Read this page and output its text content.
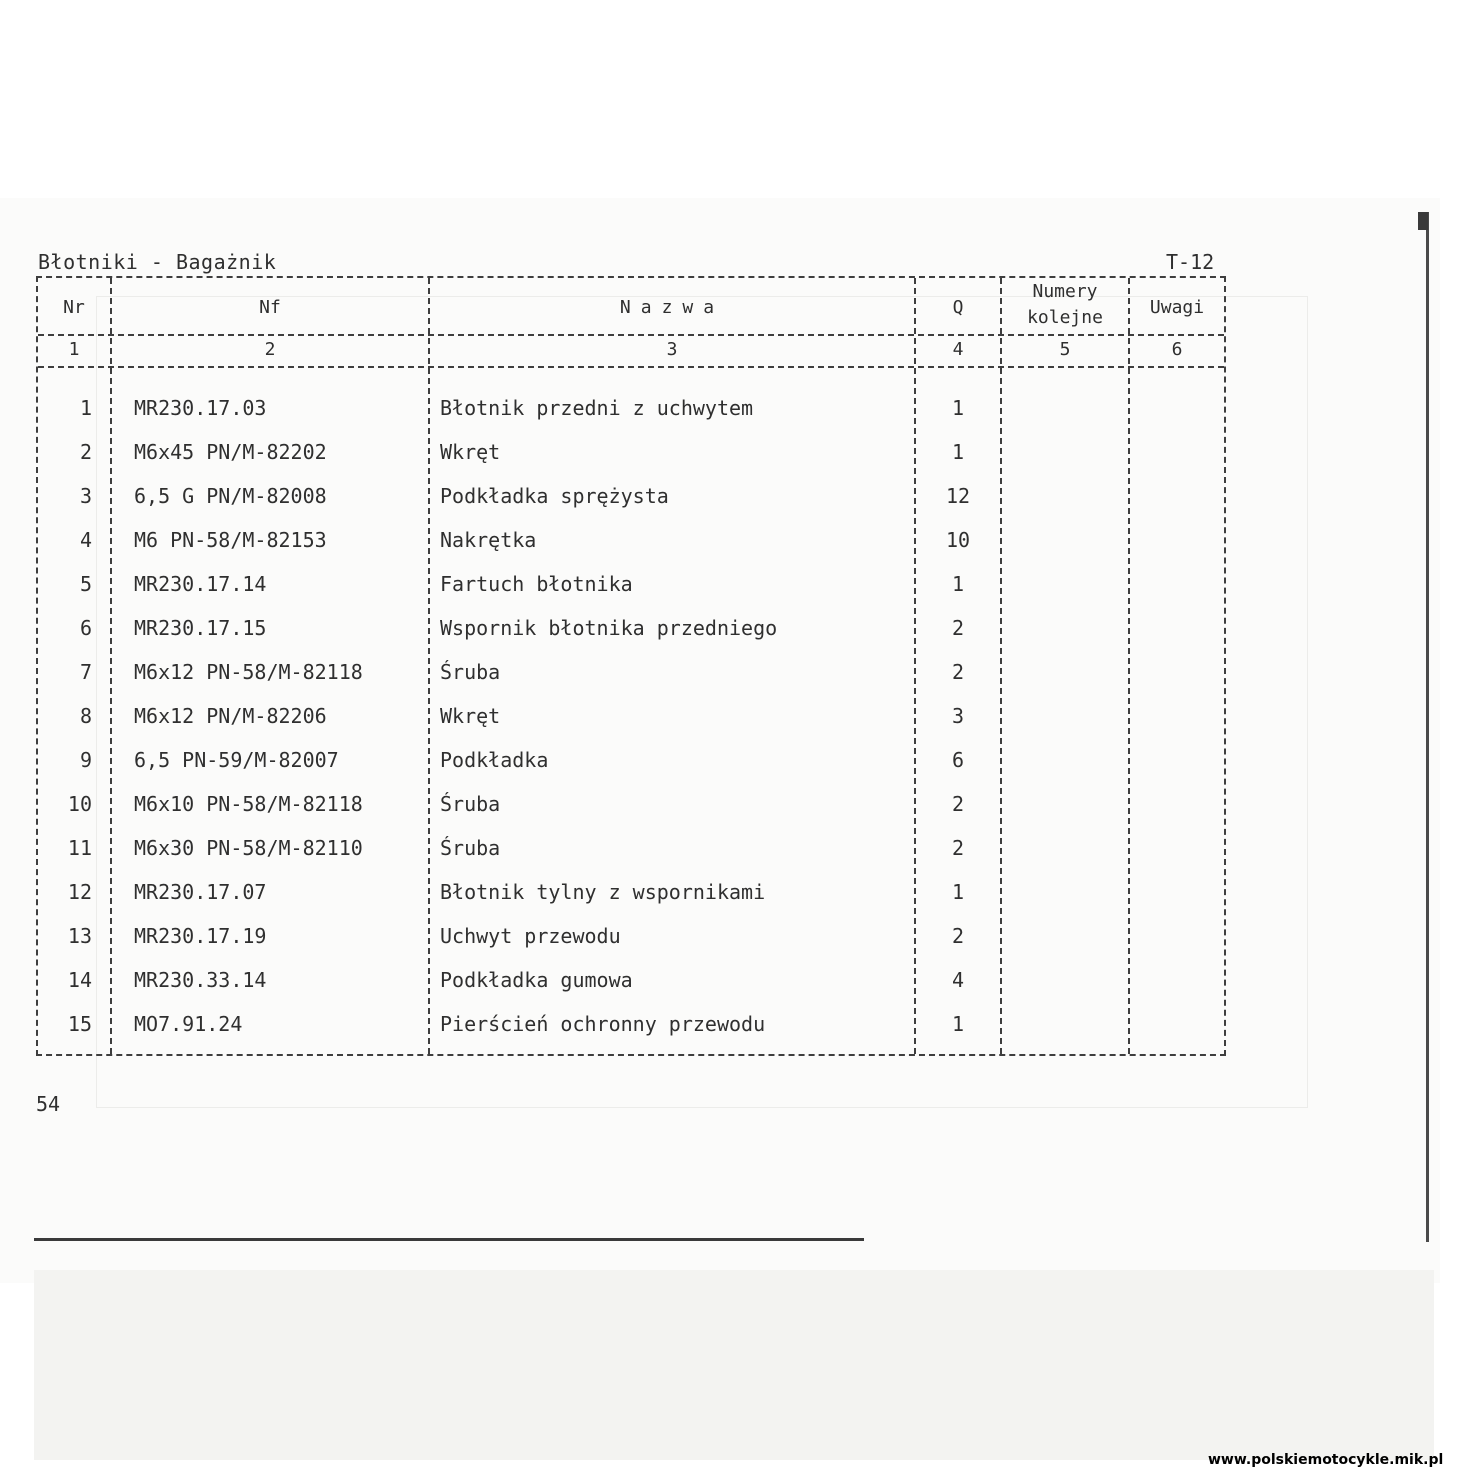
Błotniki - Bagażnik	T-12
Nr	Nf	Nazwa	Q
Numery
kolejne	Uwagi
1	2	3	4	5	6
1 MR230.17.03	Błotnik przedni z uchwytem	1
2 M6x45 PN/M-82202	Wkręt	1
3 6,5 G PN/M-82008	Podkładka sprężysta	12
4 M6 PN-58/M-82153	Nakrętka	10
5 MR230.17.14	Fartuch błotnika	1
6 MR230.17.15	Wspornik błotnika przedniego	2
7 M6x12 PN-58/M-82118	Śruba	2
8 M6x12 PN/M-82206	Wkręt	3
9 6,5 PN-59/M-82007	Podkładka	6
10 M6x10 PN-58/M-82118	Śruba	2
11 M6x30 PN-58/M-82110	Śruba	2
12 MR230.17.07	Błotnik tylny z wspornikami	1
13 MR230.17.19	Uchwyt przewodu	2
14 MR230.33.14	Podkładka gumowa	4
15 MO7.91.24	Pierścień ochronny przewodu	1
54
www.polskiemotocykle.mik.pl
